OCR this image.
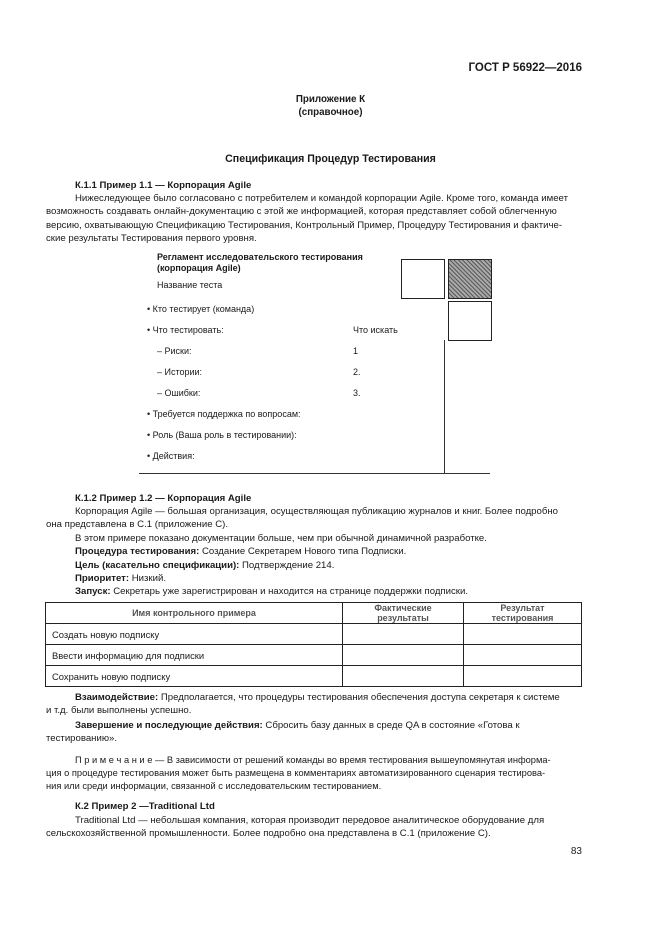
ГОСТ Р 56922—2016
Приложение К
(справочное)
Спецификация Процедур Тестирования
К.1.1 Пример 1.1 — Корпорация Agile
Нижеследующее было согласовано с потребителем и командой корпорации Agile. Кроме того, команда имеет
возможность создавать онлайн-документацию с этой же информацией, которая представляет собой облегченную
версию, охватывающую Спецификацию Тестирования, Контрольный Пример, Процедуру Тестирования и фактиче-
ские результаты Тестирования первого уровня.
Регламент исследовательского тестирования
(корпорация Agile)
Название теста
• Кто тестирует (команда)
• Что тестировать:	Что искать
– Риски:	1
– Истории:	2.
– Ошибки:	3.
• Требуется поддержка по вопросам:
• Роль (Ваша роль в тестировании):
• Действия:
К.1.2 Пример 1.2 — Корпорация Agile
Корпорация Agile — большая организация, осуществляющая публикацию журналов и книг. Более подробно
она представлена в С.1 (приложение С).
В этом примере показано документации больше, чем при обычной динамичной разработке.
Процедура тестирования: Создание Секретарем Нового типа Подписки.
Цель (касательно спецификации): Подтверждение 214.
Приоритет: Низкий.
Запуск: Секретарь уже зарегистрирован и находится на странице поддержки подписки.
Имя контрольного примера	Фактические результаты	Результат тестирования
Создать новую подписку		
Ввести информацию для подписки		
Сохранить новую подписку		
Взаимодействие: Предполагается, что процедуры тестирования обеспечения доступа секретаря к системе
и т.д. были выполнены успешно.
Завершение и последующие действия: Сбросить базу данных в среде QA в состояние «Готова к
тестированию».
П р и м е ч а н и е — В зависимости от решений команды во время тестирования вышеупомянутая информа-
ция о процедуре тестирования может быть размещена в комментариях автоматизированного сценария тестирова-
ния или среди информации, связанной с исследовательским тестированием.
К.2 Пример 2 —Traditional Ltd
Traditional Ltd — небольшая компания, которая производит передовое аналитическое оборудование для
сельскохозяйственной промышленности. Более подробно она представлена в С.1 (приложение С).
83
